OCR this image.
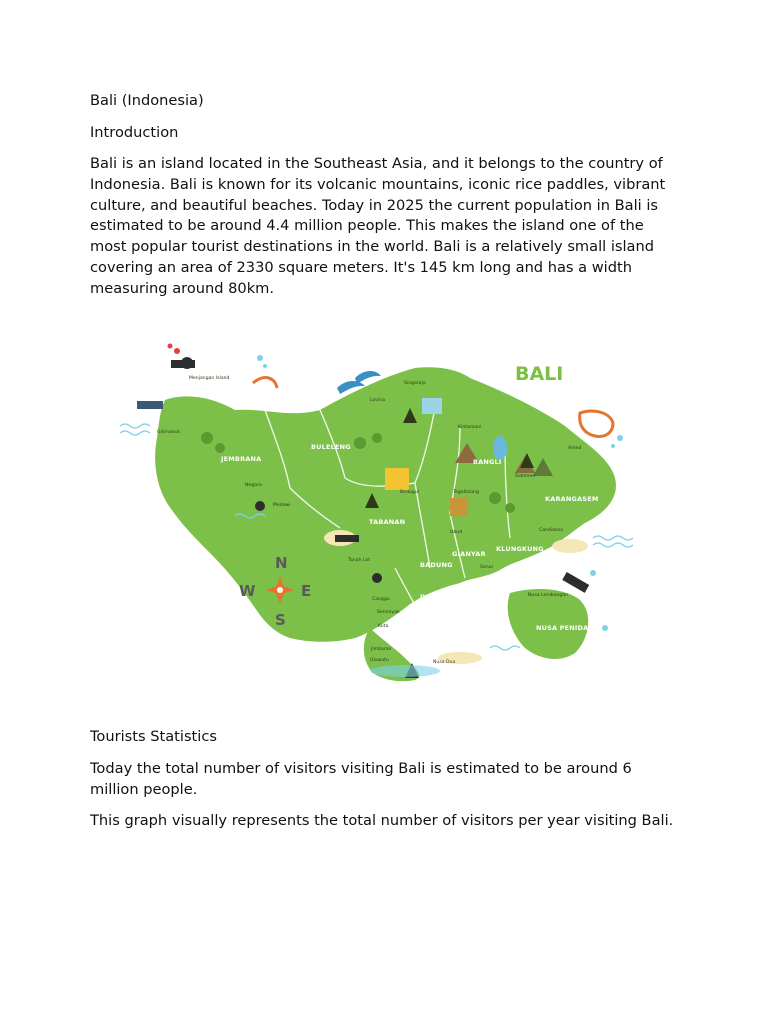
Bali (Indonesia)
Introduction

Bali is an island located in the Southeast Asia, and it belongs to the country of Indonesia. Bali is known for its volcanic mountains, iconic rice paddles, vibrant culture, and beautiful beaches. Today in 2025 the current population in Bali is estimated to be around 4.4 million people. This makes the island one of the most popular tourist destinations in the world. Bali is a relatively small island covering an area of 2330 square meters. It's 145 km long and has a width measuring around 80km.

BALI
JEMBRANA
BULELENG
TABANAN
BANGLI
KARANGASEM
GIANYAR
KLUNGKUNG
BADUNG
DENPASAR
NUSA PENIDA
Menjangan Island
Gilimanuk
Negara
Medewi
Lovina
Singaraja
Kintamani
Bedugul
Tanah Lot
Canggu
Seminyak
Kuta
Jimbaran
Uluwatu	Nusa Dua
Ubud
Amed
Candidasa
Nusa Lembongan
Sanur
Tegallalang
Sidemen
N
S
E
W
Tourists Statistics

Today the total number of visitors visiting Bali is estimated to be around 6 million people.

This graph visually represents the total number of visitors per year visiting Bali.
